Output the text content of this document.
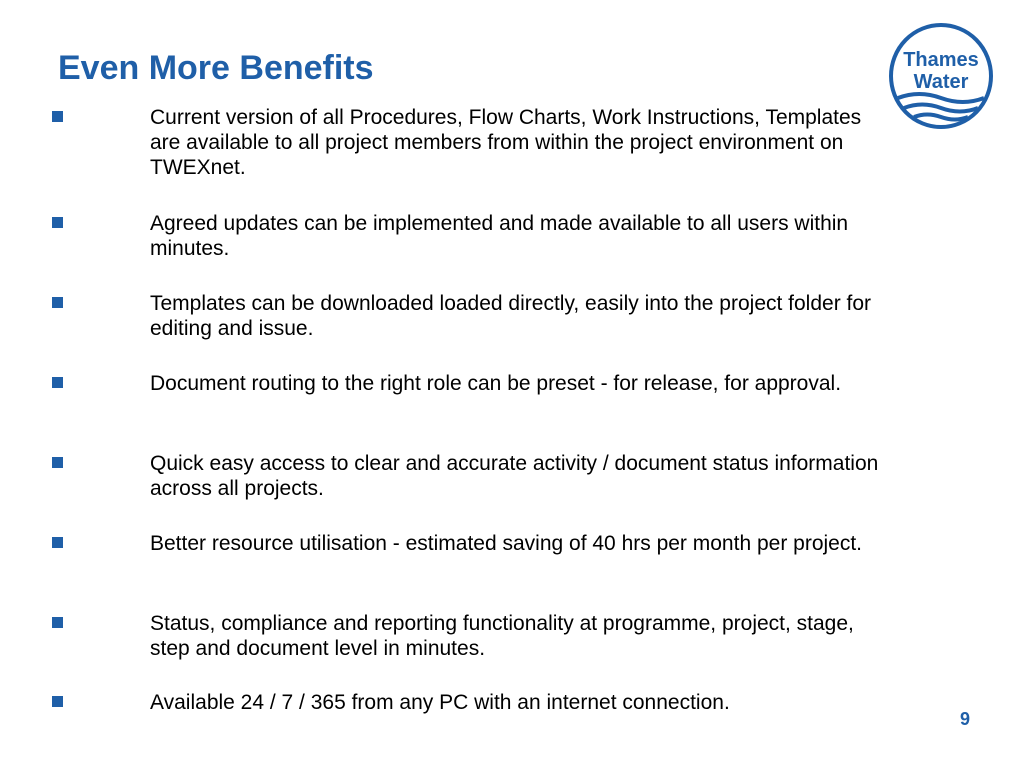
Even More Benefits	Thames
Water

Current version of all Procedures, Flow Charts, Work Instructions, Templates are available to all project members from within the project environment on TWEXnet.

Agreed updates can be implemented and made available to all users within minutes.

Templates can be downloaded loaded directly, easily into the project folder for editing and issue.

Document routing to the right role can be preset - for release, for approval.

Quick easy access to clear and accurate activity / document status information across all projects.

Better resource utilisation - estimated saving of 40 hrs per month per project.

Status, compliance and reporting functionality at programme, project, stage, step and document level in minutes.

Available 24 / 7 / 365 from any PC with an internet connection.

9
